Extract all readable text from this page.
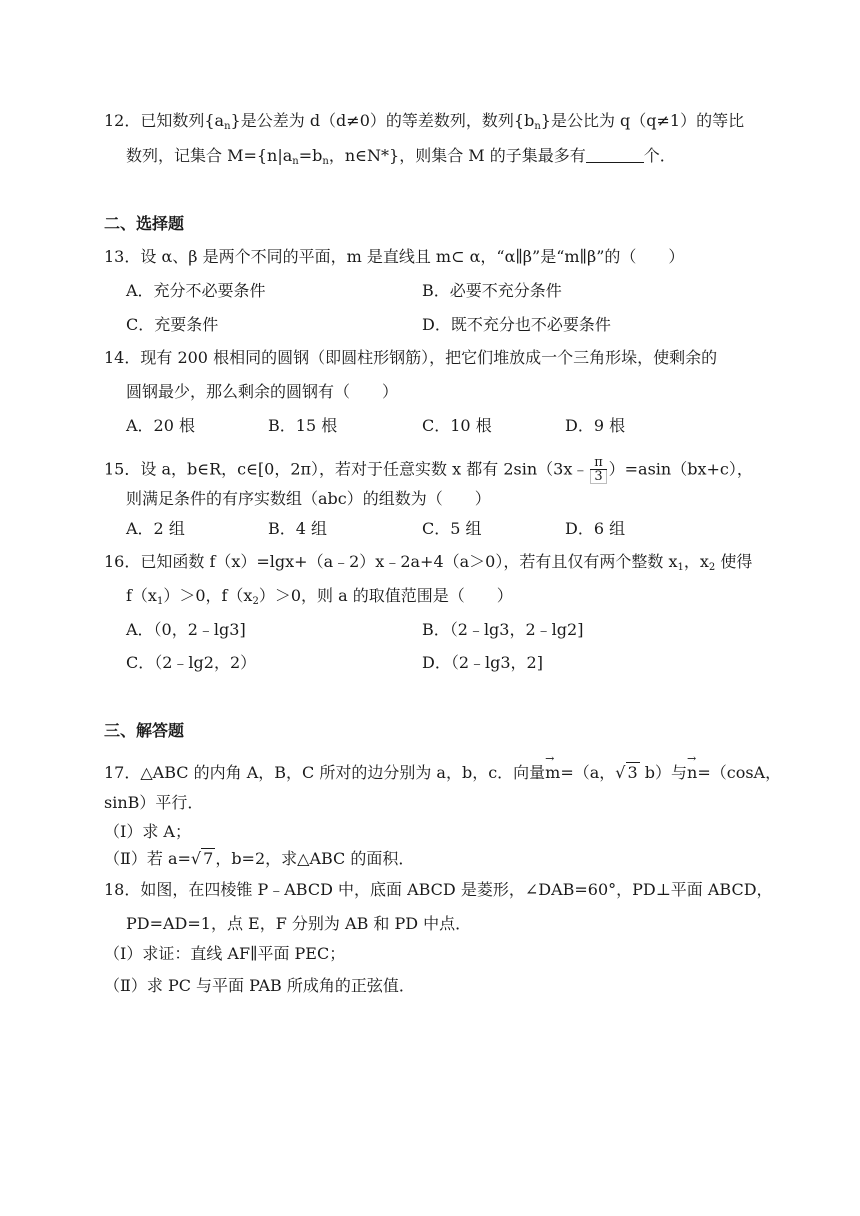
12．已知数列$\{a_n\}$是公差为 d（d≠0）的等差数列，数列$\{b_n\}$是公比为 q（q≠1）的等比
数列，记集合 $M=\{n|a_n=b_n$，n∈N*}，则集合 M 的子集最多有	个．
二、选择题
13．设 α、β 是两个不同的平面，m 是直线且 m⊂ α，“α∥β”是“m∥β”的（　　）
A．充分不必要条件	B．必要不充分条件
C．充要条件	D．既不充分也不必要条件
14．现有 200 根相同的圆钢（即圆柱形钢筋），把它们堆放成一个三角形垛，使剩余的
圆钢最少，那么剩余的圆钢有（　　）
A．20 根	B．15 根	C．10 根	D．9 根
15．设 a，b∈R，c∈[0，2π），若对于任意实数 x 都有 2sin（3x﹣ $\frac{\pi}{3} )=asin(bx+c)$，
则满足条件的有序实数组（abc）的组数为（　　）
A．2 组	B．4 组	C．5 组	D．6 组
16．已知函数 f（x）=lgx+（a﹣2）x﹣2a+4（a＞0），若有且仅有两个整数 $x_1$，$x_2$ 使得
$f(x_1)>0$，$f(x_2)>0$，则 a 的取值范围是（　　）
A．（0，2﹣lg3]	B．（2﹣lg3，2﹣lg2]
C．（2﹣lg2，2）	D．（2﹣lg3，2]
三、解答题
17．△ABC 的内角 A，B，C 所对的边分别为 a，b，c．向量
→
m=（a，√ 3 b）与
→
n=（cosA，
sinB）平行．
（Ⅰ）求 A；
（Ⅱ）若 a=√ 7 ，b=2，求△ABC 的面积．
18．如图，在四棱锥 P﹣ABCD 中，底面 ABCD 是菱形，∠DAB=60°，PD⊥平面 ABCD，
PD=AD=1，点 E，F 分别为 AB 和 PD 中点．
（Ⅰ）求证：直线 AF∥平面 PEC；
（Ⅱ）求 PC 与平面 PAB 所成角的正弦值．
